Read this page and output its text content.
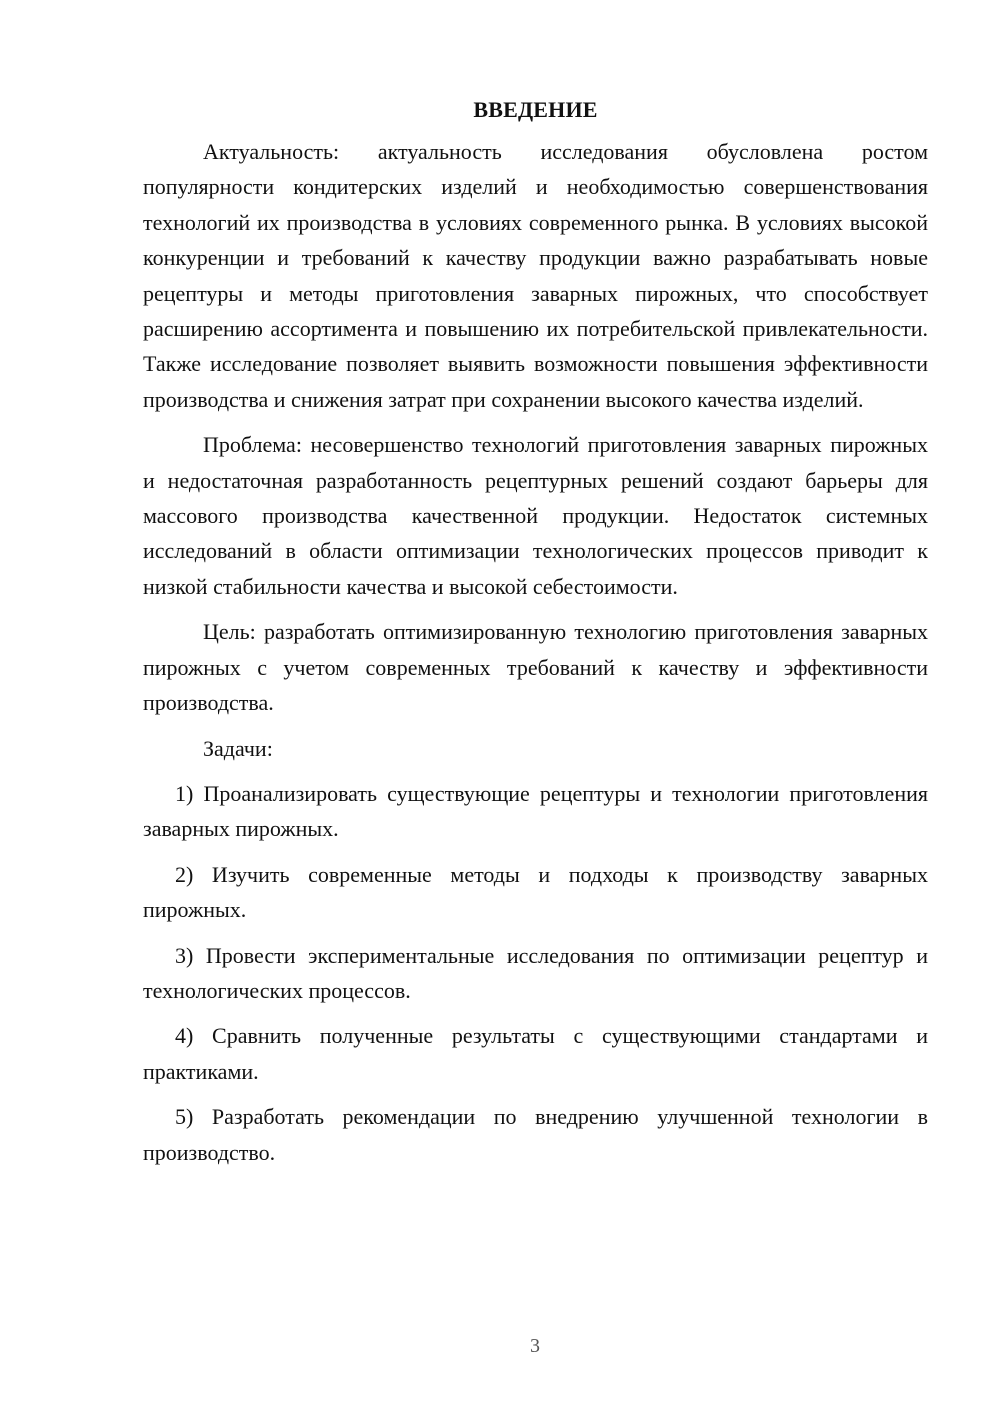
ВВЕДЕНИЕ

Актуальность: актуальность исследования обусловлена ростом популярности кондитерских изделий и необходимостью совершенствования технологий их производства в условиях современного рынка. В условиях высокой конкуренции и требований к качеству продукции важно разрабатывать новые рецептуры и методы приготовления заварных пирожных, что способствует расширению ассортимента и повышению их потребительской привлекательности. Также исследование позволяет выявить возможности повышения эффективности производства и снижения затрат при сохранении высокого качества изделий.

Проблема: несовершенство технологий приготовления заварных пирожных и недостаточная разработанность рецептурных решений создают барьеры для массового производства качественной продукции. Недостаток системных исследований в области оптимизации технологических процессов приводит к низкой стабильности качества и высокой себестоимости.

Цель: разработать оптимизированную технологию приготовления заварных пирожных с учетом современных требований к качеству и эффективности производства.

Задачи:

1) Проанализировать существующие рецептуры и технологии приготовления заварных пирожных.

2) Изучить современные методы и подходы к производству заварных пирожных.

3) Провести экспериментальные исследования по оптимизации рецептур и технологических процессов.

4) Сравнить полученные результаты с существующими стандартами и практиками.

5) Разработать рекомендации по внедрению улучшенной технологии в производство.

3
